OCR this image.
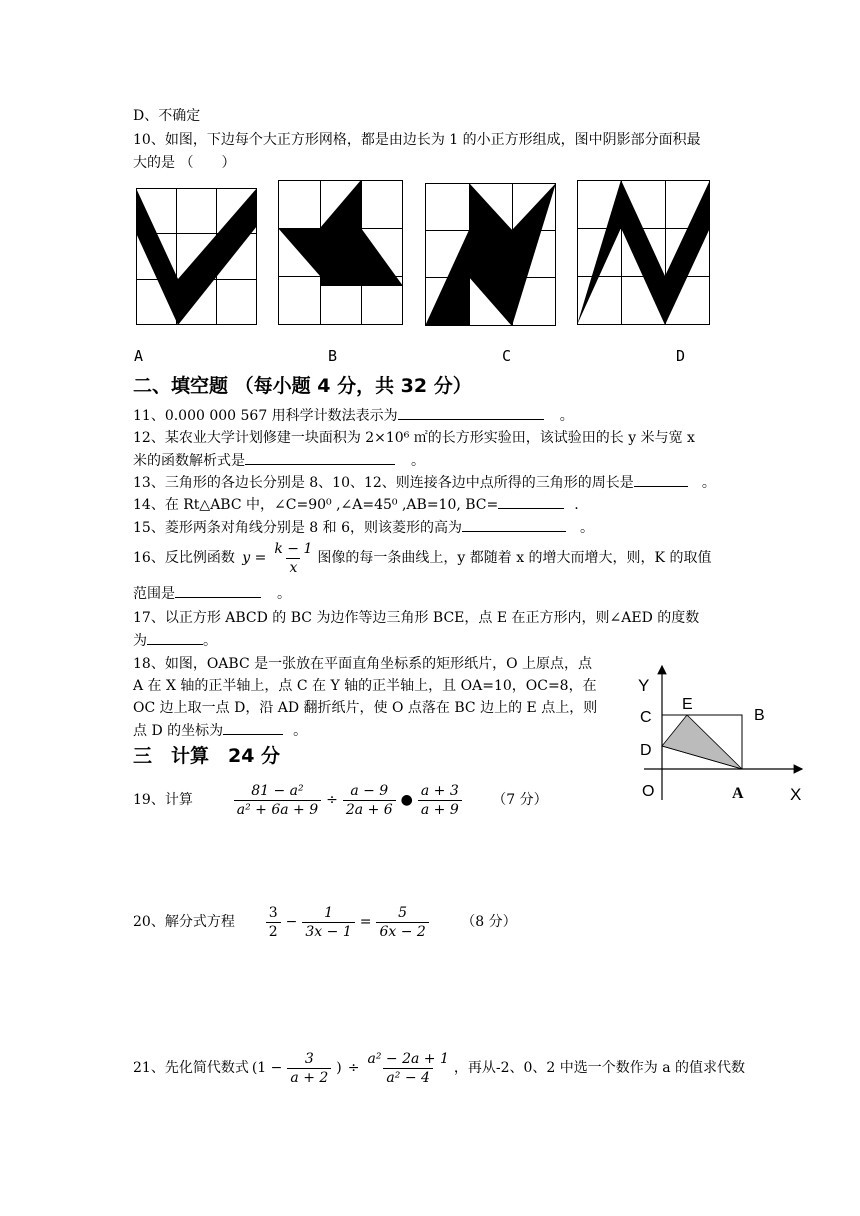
D、不确定
10、如图，下边每个大正方形网格，都是由边长为 1 的小正方形组成，图中阴影部分面积最
大的是 （　　）
A	B	C	D
二、填空题 （每小题 4 分，共 32 分）
11、0.000 000 567 用科学计数法表示为	。
12、某农业大学计划修建一块面积为 2×10⁶ ㎡的长方形实验田，该试验田的长 y 米与宽 x
米的函数解析式是	。
13、三角形的各边长分别是 8、10、12、则连接各边中点所得的三角形的周长是	。
14、在 Rt△ABC 中，∠C=90⁰ ,∠A=45⁰ ,AB=10, BC=	.
15、菱形两条对角线分别是 8 和 6，则该菱形的高为	。
16、反比例函数 $y = \frac{k - 1}{x}$ 图像的每一条曲线上，y 都随着 x 的增大而增大，则，K 的取值
范围是	。
17、以正方形 ABCD 的 BC 为边作等边三角形 BCE，点 E 在正方形内，则∠AED 的度数
为	。
18、如图，OABC 是一张放在平面直角坐标系的矩形纸片，O 上原点，点
A 在 X 轴的正半轴上，点 C 在 Y 轴的正半轴上，且 OA=10，OC=8，在
OC 边上取一点 D，沿 AD 翻折纸片，使 O 点落在 BC 边上的 E 点上，则
点 D 的坐标为	。
Y
X
O	A
B
C
D
E
三　计算　24 分
19、计算	$\frac{\text{81 − a²}}{\text{a² + 6a + 9}} \div \frac{a - 9}{2a + 6}$ ● $\frac{a + 3}{a + 9} (7$ 分）
20、解分式方程 $\frac{3}{2} - \frac{1}{3x - 1} = \frac{5}{6x - 2} (8$ 分）
21、先化简代数式 ($1 - \frac{3}{a + 2}$ ) ÷ $\frac{\text{a² − 2a + 1}}{\text{a² − 4}}$ ，再从-2、0、2 中选一个数作为 a 的值求代数
